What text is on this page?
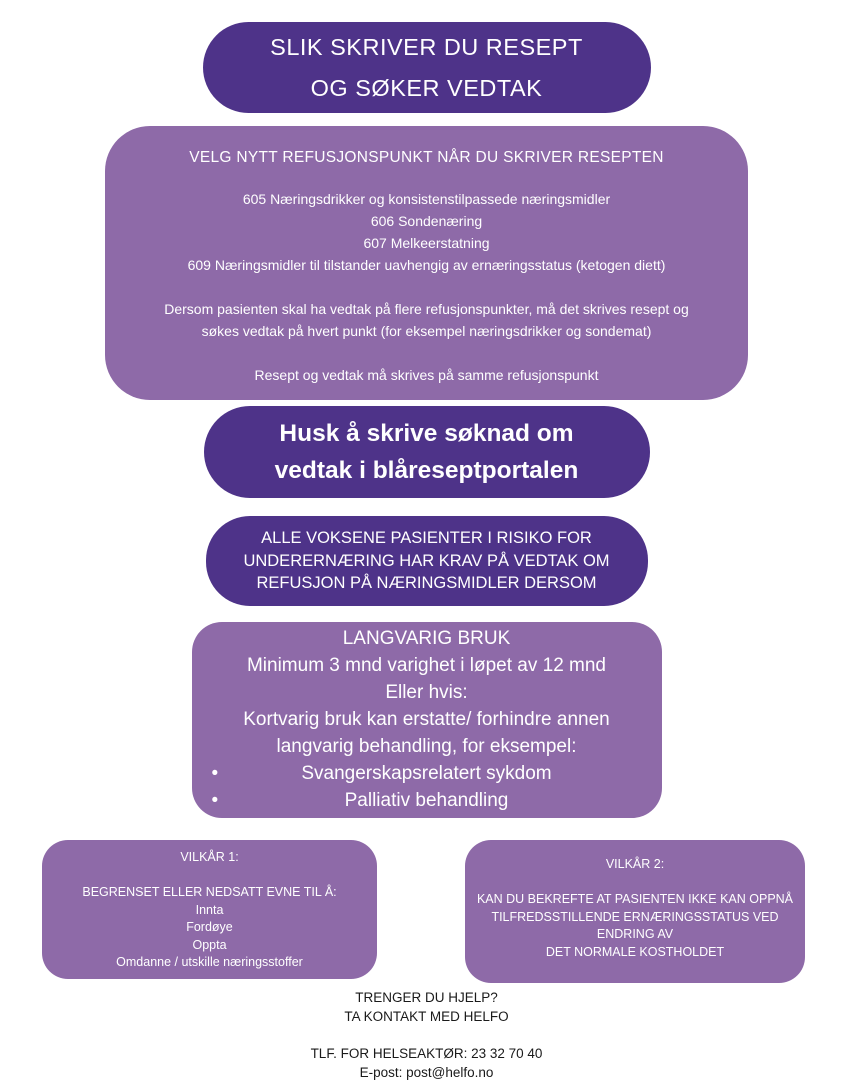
SLIK SKRIVER DU RESEPT
OG SØKER VEDTAK
VELG NYTT REFUSJONSPUNKT NÅR DU SKRIVER RESEPTEN
605 Næringsdrikker og konsistenstilpassede næringsmidler
606 Sondenæring
607 Melkeerstatning
609 Næringsmidler til tilstander uavhengig av ernæringsstatus (ketogen diett)
Dersom pasienten skal ha vedtak på flere refusjonspunkter, må det skrives resept og
søkes vedtak på hvert punkt (for eksempel næringsdrikker og sondemat)
Resept og vedtak må skrives på samme refusjonspunkt
Husk å skrive søknad om
vedtak i blåreseptportalen
ALLE VOKSENE PASIENTER I RISIKO FOR
UNDERERNÆRING HAR KRAV PÅ VEDTAK OM
REFUSJON PÅ NÆRINGSMIDLER DERSOM
LANGVARIG BRUK
Minimum 3 mnd varighet i løpet av 12 mnd
Eller hvis:
Kortvarig bruk kan erstatte/ forhindre annen
langvarig behandling, for eksempel:
•	Svangerskapsrelatert sykdom
•	Palliativ behandling
VILKÅR 1:
BEGRENSET ELLER NEDSATT EVNE TIL Å:
Innta
Fordøye
Oppta
Omdanne / utskille næringsstoffer
VILKÅR 2:
KAN DU BEKREFTE AT PASIENTEN IKKE KAN OPPNÅ
TILFREDSSTILLENDE ERNÆRINGSSTATUS VED
ENDRING AV
DET NORMALE KOSTHOLDET
TRENGER DU HJELP?
TA KONTAKT MED HELFO
TLF. FOR HELSEAKTØR: 23 32 70 40
E-post: post@helfo.no
